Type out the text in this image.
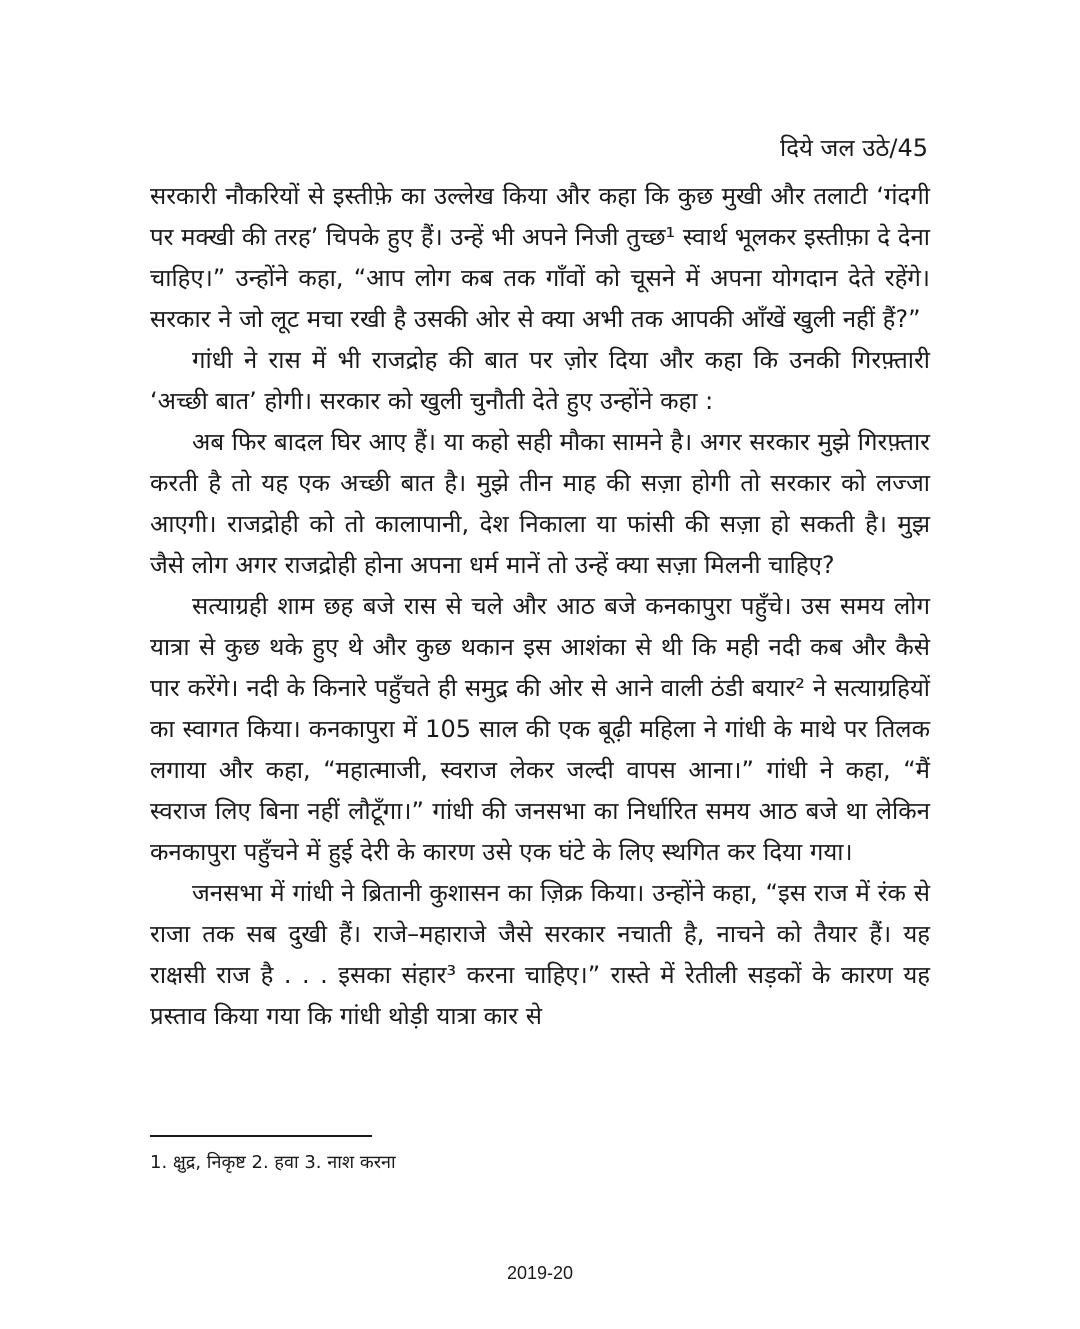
दिये जल उठे/45

सरकारी नौकरियों से इस्तीफ़े का उल्लेख किया और कहा कि कुछ मुखी और तलाटी ‘गंदगी पर मक्खी की तरह’ चिपके हुए हैं। उन्हें भी अपने निजी तुच्छ¹ स्वार्थ भूलकर इस्तीफ़ा दे देना चाहिए।” उन्होंने कहा, “आप लोग कब तक गाँवों को चूसने में अपना योगदान देते रहेंगे। सरकार ने जो लूट मचा रखी है उसकी ओर से क्या अभी तक आपकी आँखें खुली नहीं हैं?”

गांधी ने रास में भी राजद्रोह की बात पर ज़ोर दिया और कहा कि उनकी गिरफ़्तारी ‘अच्छी बात’ होगी। सरकार को खुली चुनौती देते हुए उन्होंने कहा :

अब फिर बादल घिर आए हैं। या कहो सही मौका सामने है। अगर सरकार मुझे गिरफ़्तार करती है तो यह एक अच्छी बात है। मुझे तीन माह की सज़ा होगी तो सरकार को लज्जा आएगी। राजद्रोही को तो कालापानी, देश निकाला या फांसी की सज़ा हो सकती है। मुझ जैसे लोग अगर राजद्रोही होना अपना धर्म मानें तो उन्हें क्या सज़ा मिलनी चाहिए?

सत्याग्रही शाम छह बजे रास से चले और आठ बजे कनकापुरा पहुँचे। उस समय लोग यात्रा से कुछ थके हुए थे और कुछ थकान इस आशंका से थी कि मही नदी कब और कैसे पार करेंगे। नदी के किनारे पहुँचते ही समुद्र की ओर से आने वाली ठंडी बयार² ने सत्याग्रहियों का स्वागत किया। कनकापुरा में 105 साल की एक बूढ़ी महिला ने गांधी के माथे पर तिलक लगाया और कहा, “महात्माजी, स्वराज लेकर जल्दी वापस आना।” गांधी ने कहा, “मैं स्वराज लिए बिना नहीं लौटूँगा।” गांधी की जनसभा का निर्धारित समय आठ बजे था लेकिन कनकापुरा पहुँचने में हुई देरी के कारण उसे एक घंटे के लिए स्थगित कर दिया गया।

जनसभा में गांधी ने ब्रितानी कुशासन का ज़िक्र किया। उन्होंने कहा, “इस राज में रंक से राजा तक सब दुखी हैं। राजे–महाराजे जैसे सरकार नचाती है, नाचने को तैयार हैं। यह राक्षसी राज है . . . इसका संहार³ करना चाहिए।” रास्ते में रेतीली सड़कों के कारण यह प्रस्ताव किया गया कि गांधी थोड़ी यात्रा कार से

1. क्षुद्र, निकृष्ट 2. हवा 3. नाश करना
2019-20
